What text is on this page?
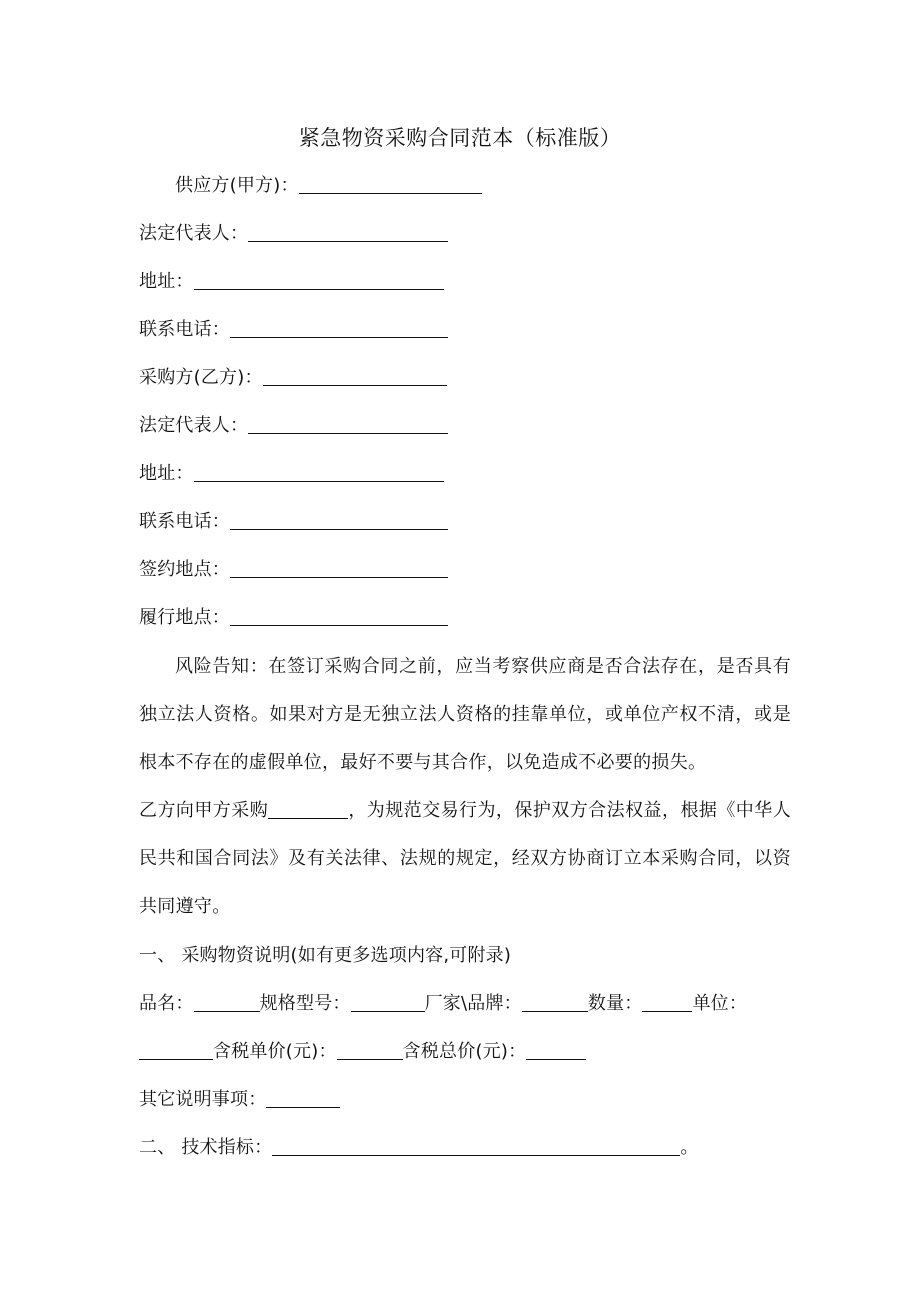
紧急物资采购合同范本（标准版）
供应方(甲方)：
法定代表人：
地址：
联系电话：
采购方(乙方)：
法定代表人：
地址：
联系电话：
签约地点：
履行地点：
风险告知：在签订采购合同之前，应当考察供应商是否合法存在，是否具有独立法人资格。如果对方是无独立法人资格的挂靠单位，或单位产权不清，或是根本不存在的虚假单位，最好不要与其合作，以免造成不必要的损失。
乙方向甲方采购	，为规范交易行为，保护双方合法权益，根据《中华人民共和国合同法》及有关法律、法规的规定，经双方协商订立本采购合同，以资共同遵守。
一、 采购物资说明(如有更多选项内容,可附录)
品名：	规格型号：	厂家\品牌：	数量：	单位：
含税单价(元)：	含税总价(元)：
其它说明事项：
二、 技术指标：	。
